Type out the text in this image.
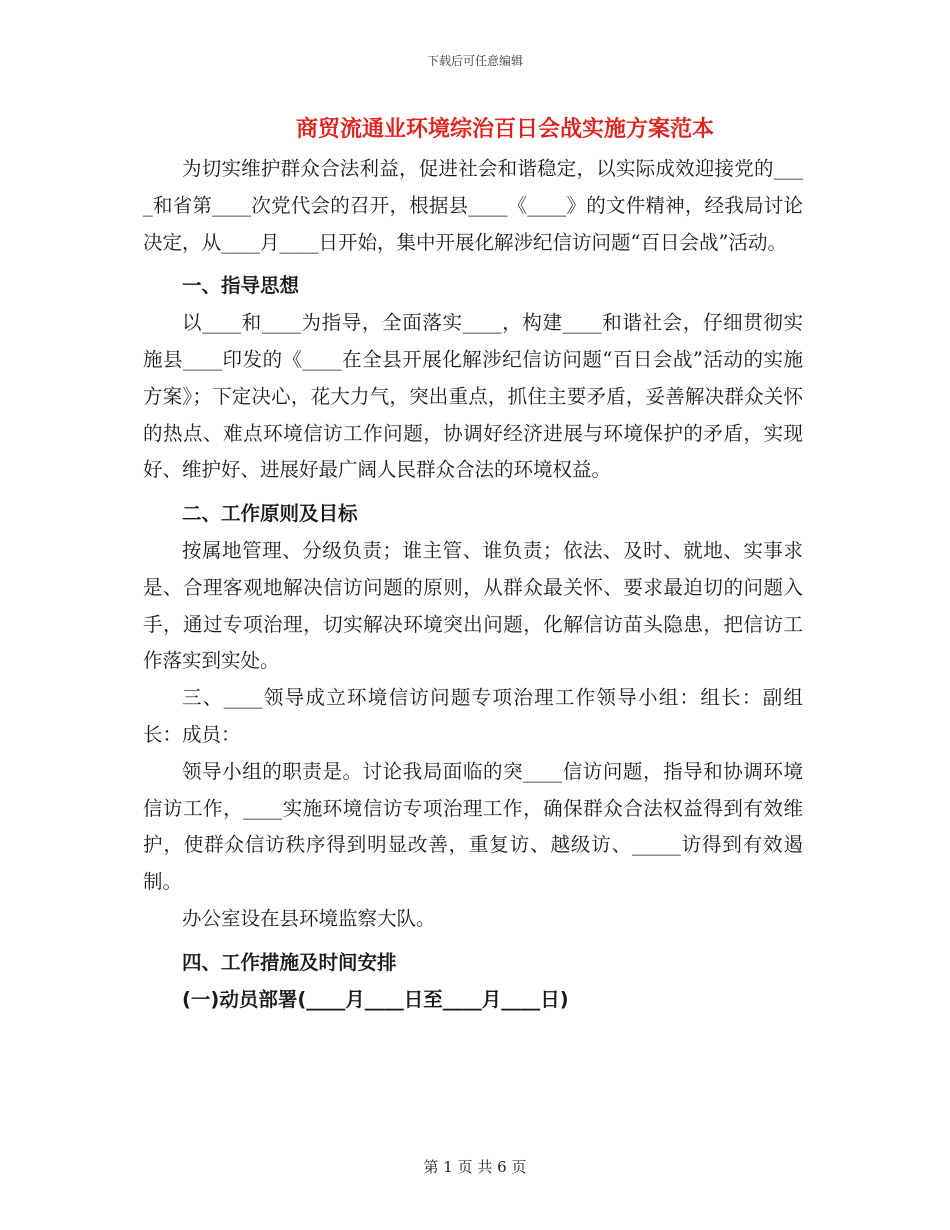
下载后可任意编辑
商贸流通业环境综治百日会战实施方案范本

为切实维护群众合法利益，促进社会和谐稳定，以实际成效迎接党的____和省第____次党代会的召开，根据县____《____》的文件精神，经我局讨论决定，从____月____日开始，集中开展化解涉纪信访问题“百日会战”活动。

一、指导思想

以____和____为指导，全面落实____，构建____和谐社会，仔细贯彻实施县____印发的《____在全县开展化解涉纪信访问题“百日会战”活动的实施方案》；下定决心，花大力气，突出重点，抓住主要矛盾，妥善解决群众关怀的热点、难点环境信访工作问题，协调好经济进展与环境保护的矛盾，实现好、维护好、进展好最广阔人民群众合法的环境权益。

二、工作原则及目标

按属地管理、分级负责；谁主管、谁负责；依法、及时、就地、实事求是、合理客观地解决信访问题的原则，从群众最关怀、要求最迫切的问题入手，通过专项治理，切实解决环境突出问题，化解信访苗头隐患，把信访工作落实到实处。

三、____领导成立环境信访问题专项治理工作领导小组：组长：副组长：成员：

领导小组的职责是。讨论我局面临的突____信访问题，指导和协调环境信访工作，____实施环境信访专项治理工作，确保群众合法权益得到有效维护，使群众信访秩序得到明显改善，重复访、越级访、_____访得到有效遏制。

办公室设在县环境监察大队。

四、工作措施及时间安排

(一)动员部署(____月____日至____月____日)

第 1 页 共 6 页
